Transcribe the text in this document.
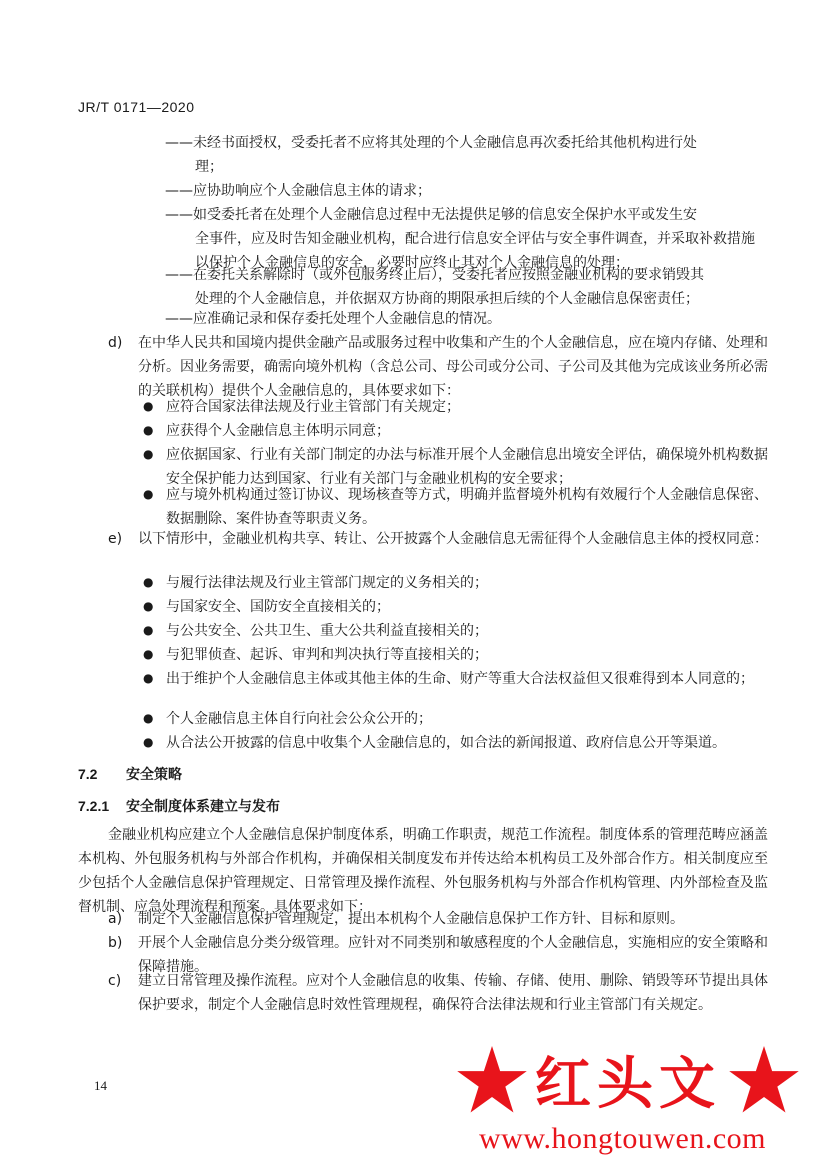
JR/T 0171—2020
——未经书面授权，受委托者不应将其处理的个人金融信息再次委托给其他机构进行处
理；
——应协助响应个人金融信息主体的请求；
——如受委托者在处理个人金融信息过程中无法提供足够的信息安全保护水平或发生安
全事件，应及时告知金融业机构，配合进行信息安全评估与安全事件调查，并采取补救措施以保护个人金融信息的安全，必要时应终止其对个人金融信息的处理；
——在委托关系解除时（或外包服务终止后），受委托者应按照金融业机构的要求销毁其
处理的个人金融信息，并依据双方协商的期限承担后续的个人金融信息保密责任；
——应准确记录和保存委托处理个人金融信息的情况。
d)	在中华人民共和国境内提供金融产品或服务过程中收集和产生的个人金融信息，应在境内存储、处理和分析。因业务需要，确需向境外机构（含总公司、母公司或分公司、子公司及其他为完成该业务所必需的关联机构）提供个人金融信息的，具体要求如下：
● 应符合国家法律法规及行业主管部门有关规定；
● 应获得个人金融信息主体明示同意；
● 应依据国家、行业有关部门制定的办法与标准开展个人金融信息出境安全评估，确保境外机构数据安全保护能力达到国家、行业有关部门与金融业机构的安全要求；
● 应与境外机构通过签订协议、现场核查等方式，明确并监督境外机构有效履行个人金融信息保密、数据删除、案件协查等职责义务。
e)	以下情形中，金融业机构共享、转让、公开披露个人金融信息无需征得个人金融信息主体的授权同意：
● 与履行法律法规及行业主管部门规定的义务相关的；
● 与国家安全、国防安全直接相关的；
● 与公共安全、公共卫生、重大公共利益直接相关的；
● 与犯罪侦查、起诉、审判和判决执行等直接相关的；
● 出于维护个人金融信息主体或其他主体的生命、财产等重大合法权益但又很难得到本人同意的；
● 个人金融信息主体自行向社会公众公开的；
● 从合法公开披露的信息中收集个人金融信息的，如合法的新闻报道、政府信息公开等渠道。
7.2 安全策略
7.2.1 安全制度体系建立与发布
金融业机构应建立个人金融信息保护制度体系，明确工作职责，规范工作流程。制度体系的管理范畴应涵盖本机构、外包服务机构与外部合作机构，并确保相关制度发布并传达给本机构员工及外部合作方。相关制度应至少包括个人金融信息保护管理规定、日常管理及操作流程、外包服务机构与外部合作机构管理、内外部检查及监督机制、应急处理流程和预案。具体要求如下：
a)	制定个人金融信息保护管理规定，提出本机构个人金融信息保护工作方针、目标和原则。
b)	开展个人金融信息分类分级管理。应针对不同类别和敏感程度的个人金融信息，实施相应的安全策略和保障措施。
c)	建立日常管理及操作流程。应对个人金融信息的收集、传输、存储、使用、删除、销毁等环节提出具体保护要求，制定个人金融信息时效性管理规程，确保符合法律法规和行业主管部门有关规定。
14	红头文
www.hongtouwen.com
